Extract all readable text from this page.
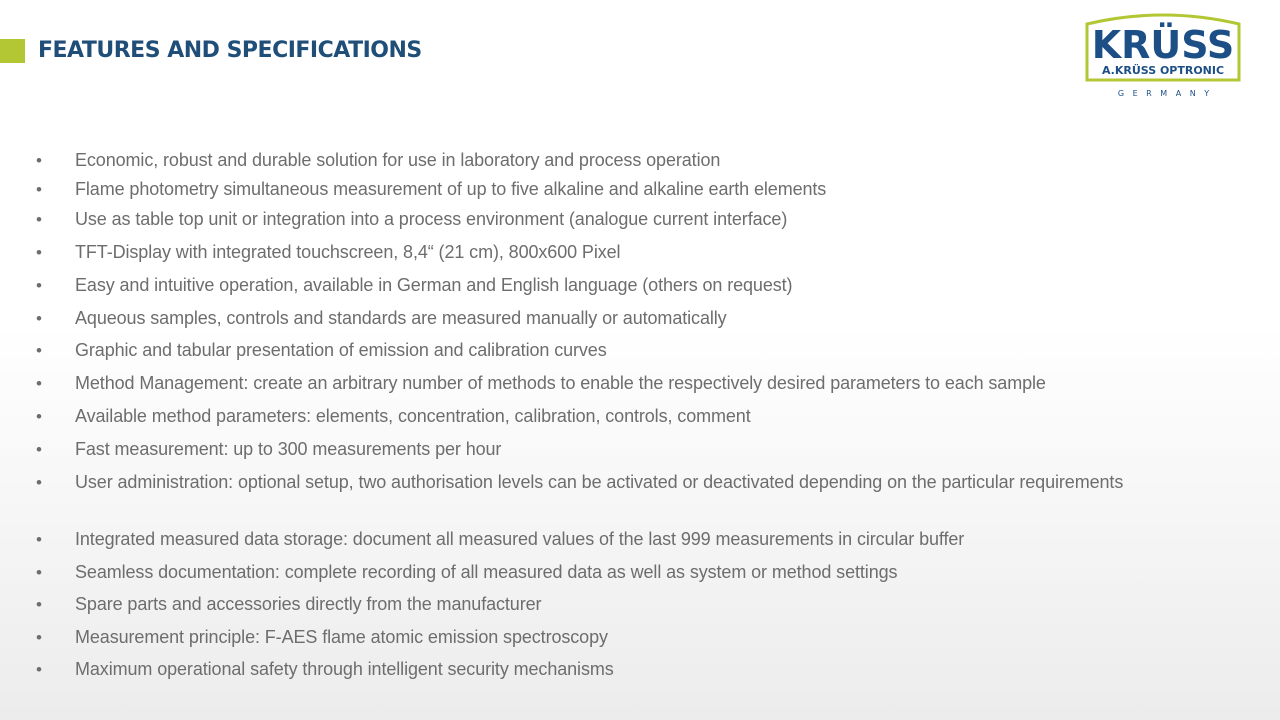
FEATURES AND SPECIFICATIONS	KRÜSS
A.KRÜSS OPTRONIC
G E R M A N Y
•	Economic, robust and durable solution for use in laboratory and process operation
•	Flame photometry simultaneous measurement of up to five alkaline and alkaline earth elements
•	Use as table top unit or integration into a process environment (analogue current interface)
•	TFT-Display with integrated touchscreen, 8,4“ (21 cm), 800x600 Pixel
•	Easy and intuitive operation, available in German and English language (others on request)
•	Aqueous samples, controls and standards are measured manually or automatically
•	Graphic and tabular presentation of emission and calibration curves
•	Method Management: create an arbitrary number of methods to enable the respectively desired parameters to each sample
•	Available method parameters: elements, concentration, calibration, controls, comment
•	Fast measurement: up to 300 measurements per hour
•	User administration: optional setup, two authorisation levels can be activated or deactivated depending on the particular requirements
•	Integrated measured data storage: document all measured values of the last 999 measurements in circular buffer
•	Seamless documentation: complete recording of all measured data as well as system or method settings
•	Spare parts and accessories directly from the manufacturer
•	Measurement principle: F-AES flame atomic emission spectroscopy
•	Maximum operational safety through intelligent security mechanisms
